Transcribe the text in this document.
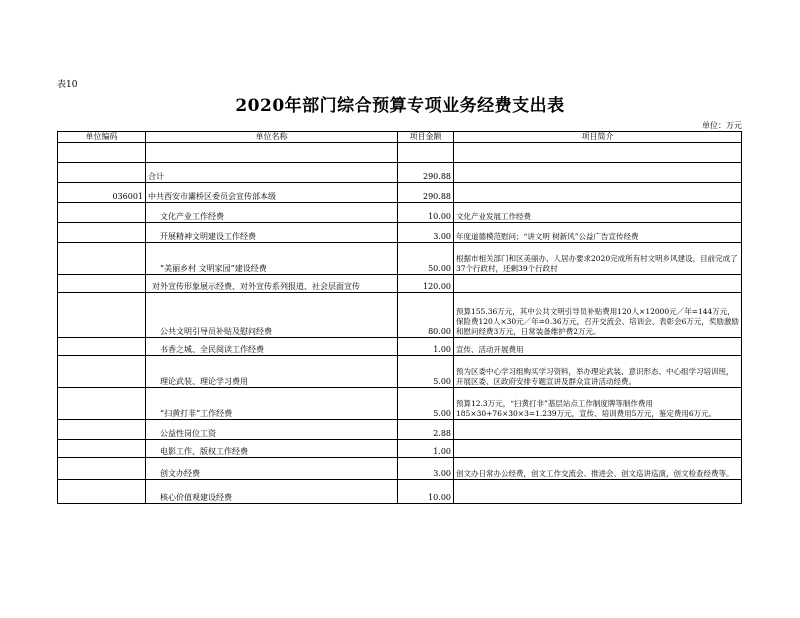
表10
2020年部门综合预算专项业务经费支出表
单位：万元
单位编码	单位名称	项目金额	项目简介

	合计	290.88	
036001	中共西安市灞桥区委员会宣传部本级	290.88	
	文化产业工作经费	10.00	文化产业发展工作经费
	开展精神文明建设工作经费	3.00	年度道德模范慰问；“讲文明 树新风”公益广告宣传经费
	“美丽乡村 文明家园”建设经费	50.00	根据市相关部门和区美丽办、人居办要求2020完成所有村文明乡风建设，目前完成了37个行政村，还剩39个行政村
	对外宣传形象展示经费、对外宣传系列报道、社会层面宣传	120.00	
	公共文明引导员补贴及慰问经费	80.00	预算155.36万元，其中公共文明引导员补贴费用120人×12000元／年=144万元，保险费120人×30元／年=0.36万元，召开交流会、培训会、表彰会6万元，奖励激励和慰问经费3万元，日常装备维护费2万元。
	书香之城、全民阅读工作经费	1.00	宣传、活动开展费用
	理论武装、理论学习费用	5.00	预为区委中心学习组购买学习资料，举办理论武装、意识形态、中心组学习培训班，开展区委、区政府安排专题宣讲及群众宣讲活动经费。
	“扫黄打非”工作经费	5.00	预算12.3万元，“扫黄打非”基层站点工作制度牌等制作费用185×30+76×30×3=1.239万元，宣传、培训费用5万元，鉴定费用6万元。
	公益性岗位工资	2.88	
	电影工作、版权工作经费	1.00	
	创文办经费	3.00	创文办日常办公经费，创文工作交流会、推进会、创文巡讲巡演，创文检查经费等。
	核心价值观建设经费	10.00	
